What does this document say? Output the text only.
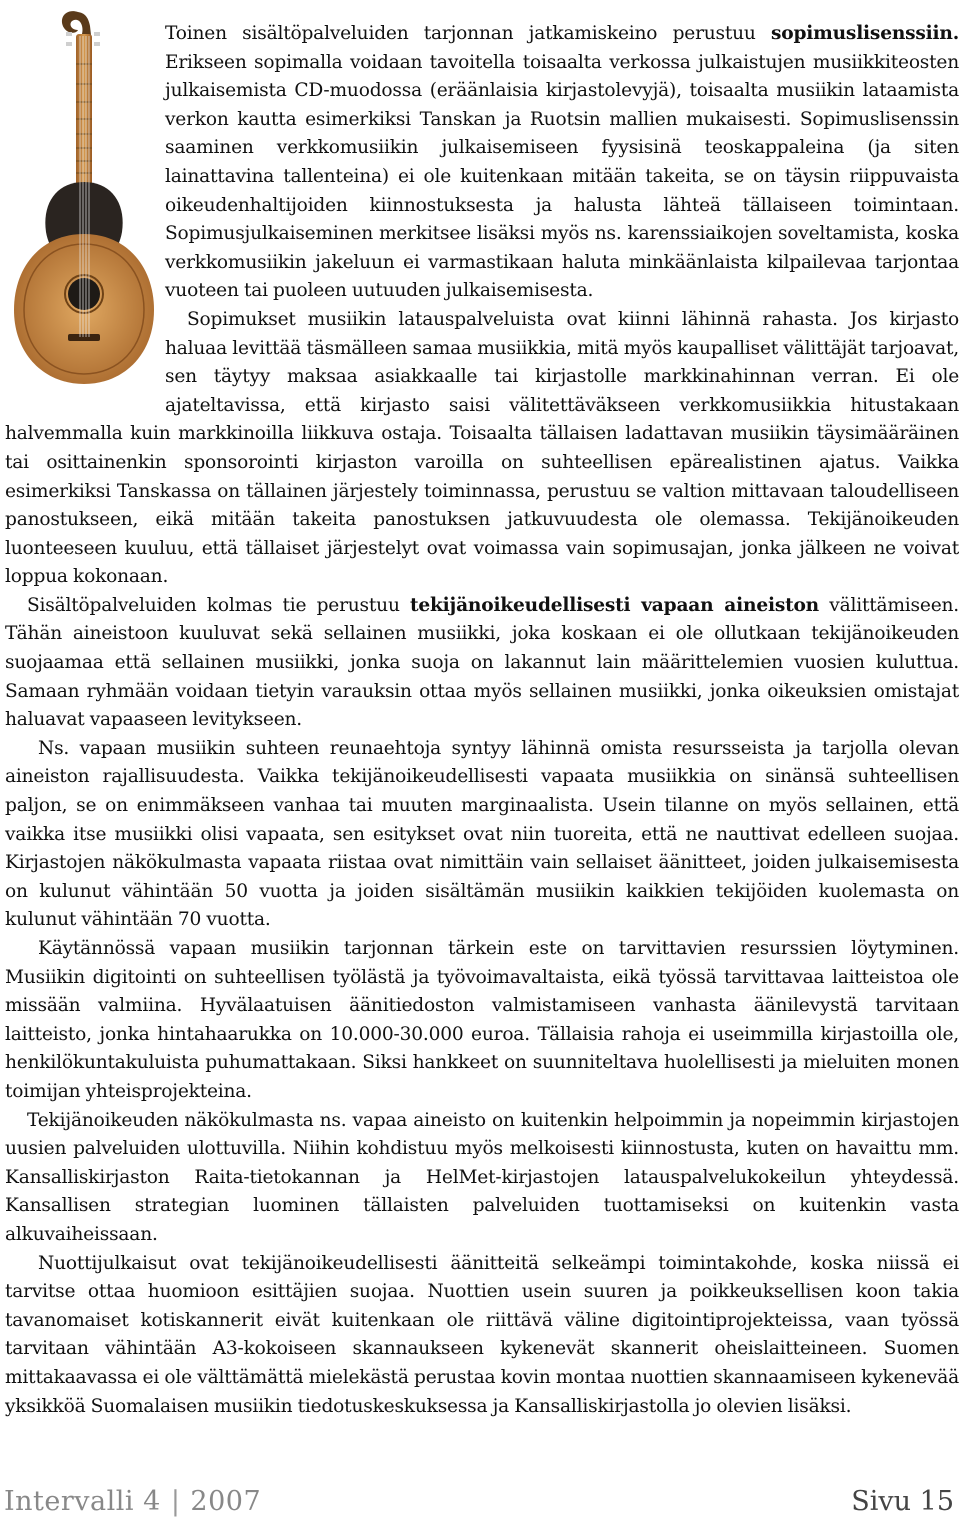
Toinen sisältöpalveluiden tarjonnan jatkamiskeino perustuu sopimuslisenssiin. Erikseen sopimalla voidaan tavoitella toisaalta verkossa julkaistujen musiikkiteosten julkaisemista CD-muodossa (eräänlaisia kirjastolevyjä), toisaalta musiikin lataamista verkon kautta esimerkiksi Tanskan ja Ruotsin mallien mukaisesti. Sopimuslisenssin saaminen verkkomusiikin julkaisemiseen fyysisinä teoskappaleina (ja siten lainattavina tallenteina) ei ole kuitenkaan mitään takeita, se on täysin riippuvaista oikeudenhaltijoiden kiinnostuksesta ja halusta lähteä tällaiseen toimintaan. Sopimusjulkaiseminen merkitsee lisäksi myös ns. karenssiaikojen soveltamista, koska verkkomusiikin jakeluun ei varmastikaan haluta minkäänlaista kilpailevaa tarjontaa vuoteen tai puoleen uutuuden julkaisemisesta.

Sopimukset musiikin latauspalveluista ovat kiinni lähinnä rahasta. Jos kirjasto haluaa levittää täsmälleen samaa musiikkia, mitä myös kaupalliset välittäjät tarjoavat, sen täytyy maksaa asiakkaalle tai kirjastolle markkinahinnan verran. Ei ole ajateltavissa, että kirjasto saisi välitettäväkseen verkkomusiikkia hitustakaan halvemmalla kuin markkinoilla liikkuva ostaja. Toisaalta tällaisen ladattavan musiikin täysimääräinen tai osittainenkin sponsorointi kirjaston varoilla on suhteellisen epärealistinen ajatus. Vaikka esimerkiksi Tanskassa on tällainen järjestely toiminnassa, perustuu se valtion mittavaan taloudelliseen panostukseen, eikä mitään takeita panostuksen jatkuvuudesta ole olemassa. Tekijänoikeuden luonteeseen kuuluu, että tällaiset järjestelyt ovat voimassa vain sopimusajan, jonka jälkeen ne voivat loppua kokonaan.

Sisältöpalveluiden kolmas tie perustuu tekijänoikeudellisesti vapaan aineiston välittämiseen. Tähän aineistoon kuuluvat sekä sellainen musiikki, joka koskaan ei ole ollutkaan tekijänoikeuden suojaamaa että sellainen musiikki, jonka suoja on lakannut lain määrittelemien vuosien kuluttua. Samaan ryhmään voidaan tietyin varauksin ottaa myös sellainen musiikki, jonka oikeuksien omistajat haluavat vapaaseen levitykseen.

Ns. vapaan musiikin suhteen reunaehtoja syntyy lähinnä omista resursseista ja tarjolla olevan aineiston rajallisuudesta. Vaikka tekijänoikeudellisesti vapaata musiikkia on sinänsä suhteellisen paljon, se on enimmäkseen vanhaa tai muuten marginaalista. Usein tilanne on myös sellainen, että vaikka itse musiikki olisi vapaata, sen esitykset ovat niin tuoreita, että ne nauttivat edelleen suojaa. Kirjastojen näkökulmasta vapaata riistaa ovat nimittäin vain sellaiset äänitteet, joiden julkaisemisesta on kulunut vähintään 50 vuotta ja joiden sisältämän musiikin kaikkien tekijöiden kuolemasta on kulunut vähintään 70 vuotta.

Käytännössä vapaan musiikin tarjonnan tärkein este on tarvittavien resurssien löytyminen. Musiikin digitointi on suhteellisen työlästä ja työvoimavaltaista, eikä työssä tarvittavaa laitteistoa ole missään valmiina. Hyvälaatuisen äänitiedoston valmistamiseen vanhasta äänilevystä tarvitaan laitteisto, jonka hintahaarukka on 10.000-30.000 euroa. Tällaisia rahoja ei useimmilla kirjastoilla ole, henkilökuntakuluista puhumattakaan. Siksi hankkeet on suunniteltava huolellisesti ja mieluiten monen toimijan yhteisprojekteina.

Tekijänoikeuden näkökulmasta ns. vapaa aineisto on kuitenkin helpoimmin ja nopeimmin kirjastojen uusien palveluiden ulottuvilla. Niihin kohdistuu myös melkoisesti kiinnostusta, kuten on havaittu mm. Kansalliskirjaston Raita-tietokannan ja HelMet-kirjastojen latauspalvelukokeilun yhteydessä. Kansallisen strategian luominen tällaisten palveluiden tuottamiseksi on kuitenkin vasta alkuvaiheissaan.

Nuottijulkaisut ovat tekijänoikeudellisesti äänitteitä selkeämpi toimintakohde, koska niissä ei tarvitse ottaa huomioon esittäjien suojaa. Nuottien usein suuren ja poikkeuksellisen koon takia tavanomaiset kotiskannerit eivät kuitenkaan ole riittävä väline digitointiprojekteissa, vaan työssä tarvitaan vähintään A3-kokoiseen skannaukseen kykenevät skannerit oheislaitteineen. Suomen mittakaavassa ei ole välttämättä mielekästä perustaa kovin montaa nuottien skannaamiseen kykenevää yksikköä Suomalaisen musiikin tiedotuskeskuksessa ja Kansalliskirjastolla jo olevien lisäksi.

Intervalli 4 | 2007	Sivu 15
